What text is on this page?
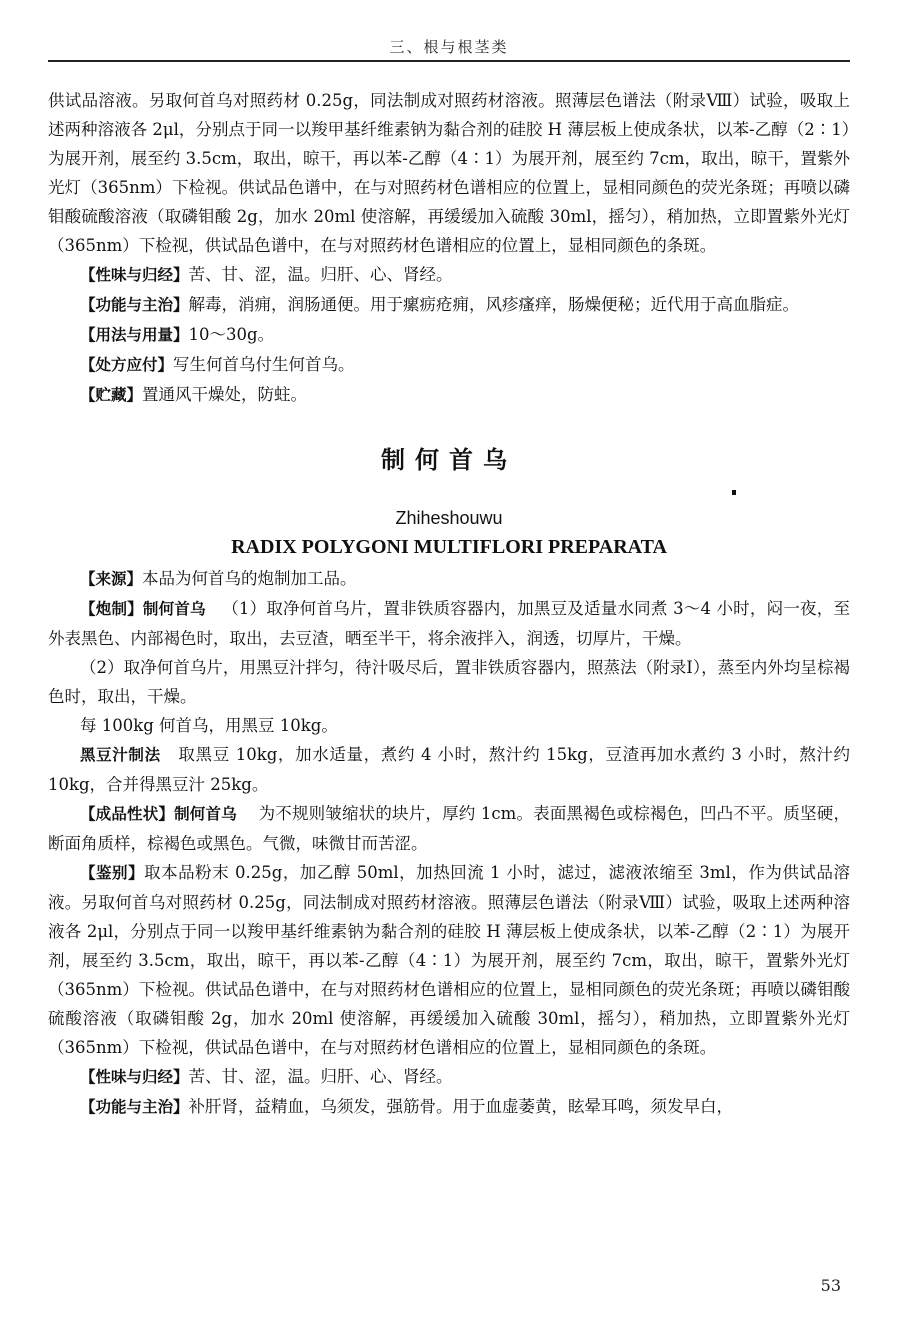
三、根与根茎类

供试品溶液。另取何首乌对照药材 0.25g，同法制成对照药材溶液。照薄层色谱法（附录Ⅷ）试验，吸取上述两种溶液各 2μl，分别点于同一以羧甲基纤维素钠为黏合剂的硅胶 H 薄层板上使成条状，以苯-乙醇（2∶1）为展开剂，展至约 3.5cm，取出，晾干，再以苯-乙醇（4∶1）为展开剂，展至约 7cm，取出，晾干，置紫外光灯（365nm）下检视。供试品色谱中，在与对照药材色谱相应的位置上，显相同颜色的荧光条斑；再喷以磷钼酸硫酸溶液（取磷钼酸 2g，加水 20ml 使溶解，再缓缓加入硫酸 30ml，摇匀），稍加热，立即置紫外光灯（365nm）下检视，供试品色谱中，在与对照药材色谱相应的位置上，显相同颜色的条斑。

【性味与归经】苦、甘、涩，温。归肝、心、肾经。

【功能与主治】解毒，消痈，润肠通便。用于瘰疬疮痈，风疹瘙痒，肠燥便秘；近代用于高血脂症。

【用法与用量】10～30g。

【处方应付】写生何首乌付生何首乌。

【贮藏】置通风干燥处，防蛀。

制何首乌
Zhiheshouwu
RADIX POLYGONI MULTIFLORI PREPARATA

【来源】本品为何首乌的炮制加工品。

【炮制】制何首乌 （1）取净何首乌片，置非铁质容器内，加黑豆及适量水同煮 3～4 小时，闷一夜，至外表黑色、内部褐色时，取出，去豆渣，晒至半干，将余液拌入，润透，切厚片，干燥。

（2）取净何首乌片，用黑豆汁拌匀，待汁吸尽后，置非铁质容器内，照蒸法（附录Ⅰ），蒸至内外均呈棕褐色时，取出，干燥。

每 100kg 何首乌，用黑豆 10kg。

黑豆汁制法 取黑豆 10kg，加水适量，煮约 4 小时，熬汁约 15kg，豆渣再加水煮约 3 小时，熬汁约 10kg，合并得黑豆汁 25kg。

【成品性状】制何首乌 为不规则皱缩状的块片，厚约 1cm。表面黑褐色或棕褐色，凹凸不平。质坚硬，断面角质样，棕褐色或黑色。气微，味微甘而苦涩。

【鉴别】取本品粉末 0.25g，加乙醇 50ml，加热回流 1 小时，滤过，滤液浓缩至 3ml，作为供试品溶液。另取何首乌对照药材 0.25g，同法制成对照药材溶液。照薄层色谱法（附录Ⅷ）试验，吸取上述两种溶液各 2μl，分别点于同一以羧甲基纤维素钠为黏合剂的硅胶 H 薄层板上使成条状，以苯-乙醇（2∶1）为展开剂，展至约 3.5cm，取出，晾干，再以苯-乙醇（4∶1）为展开剂，展至约 7cm，取出，晾干，置紫外光灯（365nm）下检视。供试品色谱中，在与对照药材色谱相应的位置上，显相同颜色的荧光条斑；再喷以磷钼酸硫酸溶液（取磷钼酸 2g，加水 20ml 使溶解，再缓缓加入硫酸 30ml，摇匀），稍加热，立即置紫外光灯（365nm）下检视，供试品色谱中，在与对照药材色谱相应的位置上，显相同颜色的条斑。

【性味与归经】苦、甘、涩，温。归肝、心、肾经。

【功能与主治】补肝肾，益精血，乌须发，强筋骨。用于血虚萎黄，眩晕耳鸣，须发早白，

53
